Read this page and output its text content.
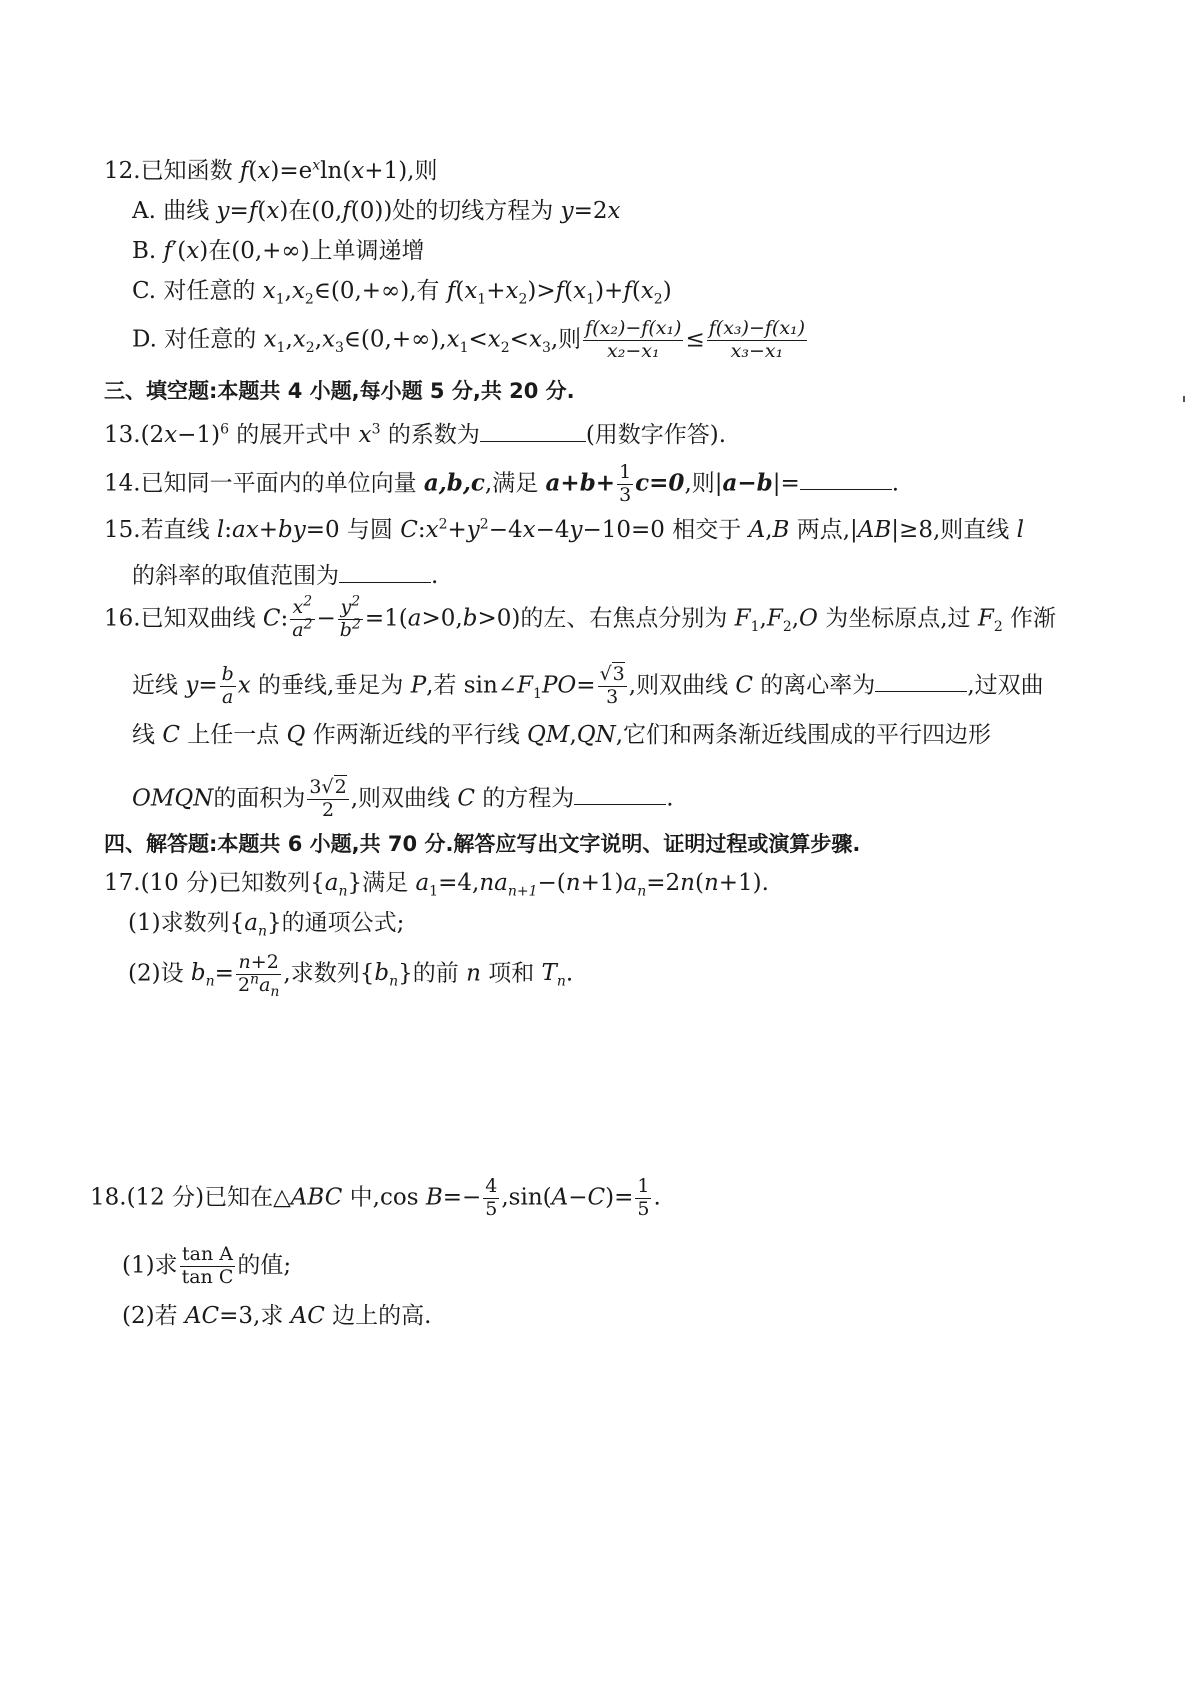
12.已知函数 $f(x)=e^x\ln(x+1)$,则
A. 曲线 y=f(x)在(0,f(0))处的切线方程为 y=2x
B. f′(x)在(0,+∞)上单调递增
C. 对任意的 $x_1,x_2\in(0,+\infty)$,有 $f(x_1+x_2)>f(x_1)+f(x_2)$
D. 对任意的 $x_1,x_2,x_3\in(0,+\infty),x_1<x_2<x_3$,则 $\frac{\text{f(x₂)−f(x₁)}}{\text{x₂−x₁}} \le \frac{\text{f(x₃)−f(x₁)}}{\text{x₃−x₁}}$
三、填空题:本题共 4 小题,每小题 5 分,共 20 分.
$13.(2x-1)^6$ 的展开式中 $x^3$ 的系数为	(用数字作答).
14.已知同一平面内的单位向量 a,b,c,满足 $a+b+ \frac{1}{3} c=0$,则|a−b|=	.
15.若直线 l:ax+by=0 与圆 $C:x^2+y^2-4x-4y-10=0$ 相交于 A,B 两点,|AB|≥8,则直线 l
的斜率的取值范围为	.
16.已知双曲线 C: $\frac{x^2}{a^2} - \frac{y^2}{b^2} =1(a>0,b>0)$的左、右焦点分别为 $F_1,F_2,O$ 为坐标原点,过 $F_2$ 作渐
近线 $y= \frac{b}{a}$ x 的垂线,垂足为 P,若 $\sin\angle F_1PO= \frac{√3}{3}$ ,则双曲线 C 的离心率为	,过双曲
线 C 上任一点 Q 作两渐近线的平行线 QM,QN,它们和两条渐近线围成的平行四边形
OMQN的面积为 $\frac{3√2}{2}$ ,则双曲线 C 的方程为	.
四、解答题:本题共 6 小题,共 70 分.解答应写出文字说明、证明过程或演算步骤.
17.(10 分)已知数列$\{a_n\}$满足 $a_1=4,na_{n+1}-(n+1)a_n=2n(n+1)$.
(1)求数列$\{a_n\}$的通项公式;
(2)设 $b_n= \frac{n+2}{2^na_n}$ ,求数列$\{b_n\}$的前 n 项和 $T_n$.
18.(12 分)已知在△ABC 中,cos $B=- \frac{4}{5} ,\sin(A-C)= \frac{1}{5}$ .
(1)求 $\frac{\text{tan A}}{\text{tan C}}$ 的值;
(2)若 AC=3,求 AC 边上的高.
